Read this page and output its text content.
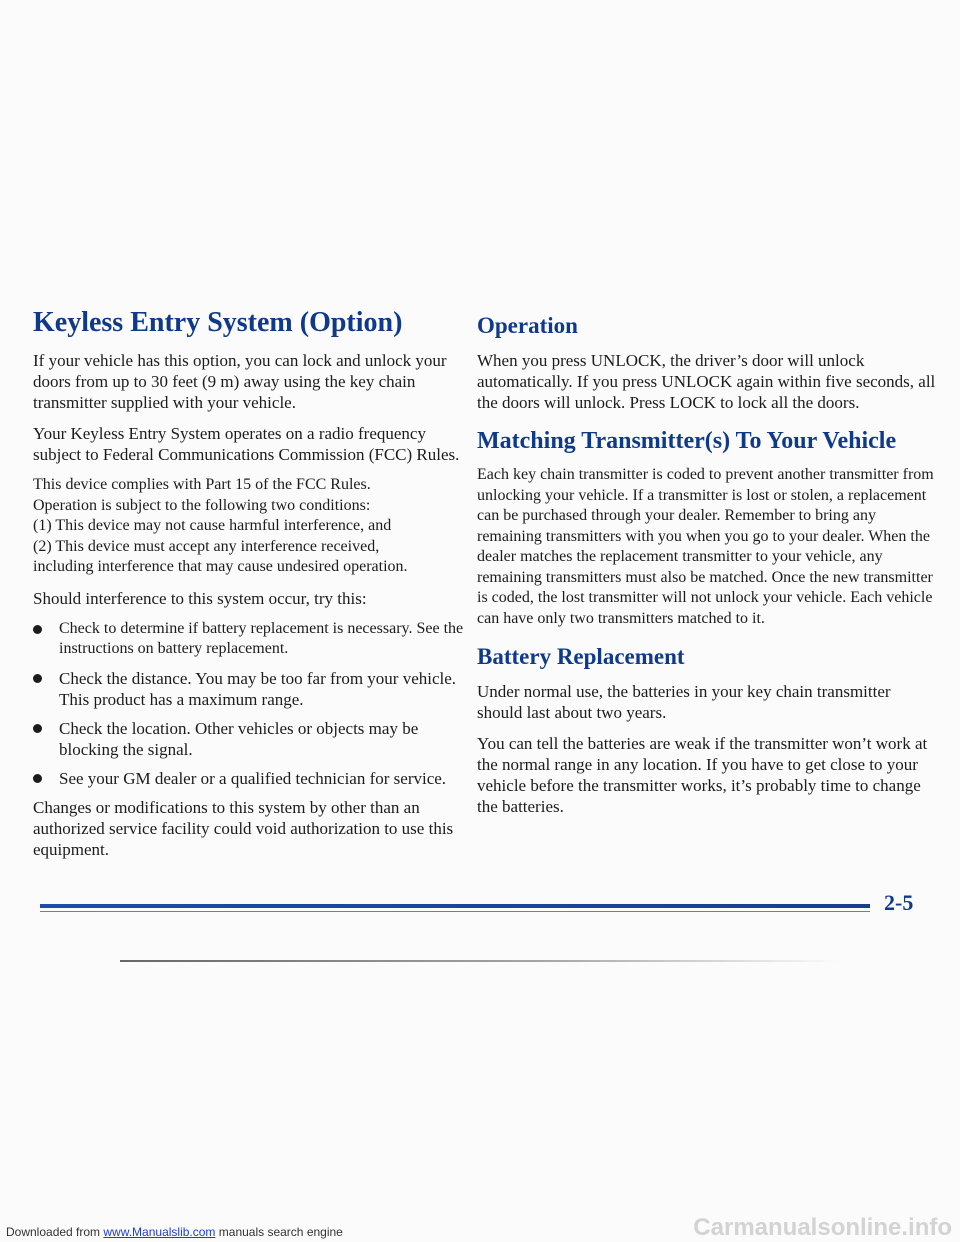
Keyless Entry System (Option)

If your vehicle has this option, you can lock and unlock your doors from up to 30 feet (9 m) away using the key chain transmitter supplied with your vehicle.

Your Keyless Entry System operates on a radio frequency subject to Federal Communications Commission (FCC) Rules.

This device complies with Part 15 of the FCC Rules.
Operation is subject to the following two conditions:
(1) This device may not cause harmful interference, and
(2) This device must accept any interference received,
including interference that may cause undesired operation.

Should interference to this system occur, try this:

Check to determine if battery replacement is necessary. See the instructions on battery replacement.
Check the distance. You may be too far from your vehicle. This product has a maximum range.
Check the location. Other vehicles or objects may be blocking the signal.
See your GM dealer or a qualified technician for service.

Changes or modifications to this system by other than an authorized service facility could void authorization to use this equipment.

Operation

When you press UNLOCK, the driver’s door will unlock automatically. If you press UNLOCK again within five seconds, all the doors will unlock. Press LOCK to lock all the doors.

Matching Transmitter(s) To Your Vehicle

Each key chain transmitter is coded to prevent another transmitter from unlocking your vehicle. If a transmitter is lost or stolen, a replacement can be purchased through your dealer. Remember to bring any remaining transmitters with you when you go to your dealer. When the dealer matches the replacement transmitter to your vehicle, any remaining transmitters must also be matched. Once the new transmitter is coded, the lost transmitter will not unlock your vehicle. Each vehicle can have only two transmitters matched to it.

Battery Replacement

Under normal use, the batteries in your key chain transmitter should last about two years.

You can tell the batteries are weak if the transmitter won’t work at the normal range in any location. If you have to get close to your vehicle before the transmitter works, it’s probably time to change the batteries.

2-5
Downloaded from www.Manualslib.com manuals search engine	Carmanualsonline.info
